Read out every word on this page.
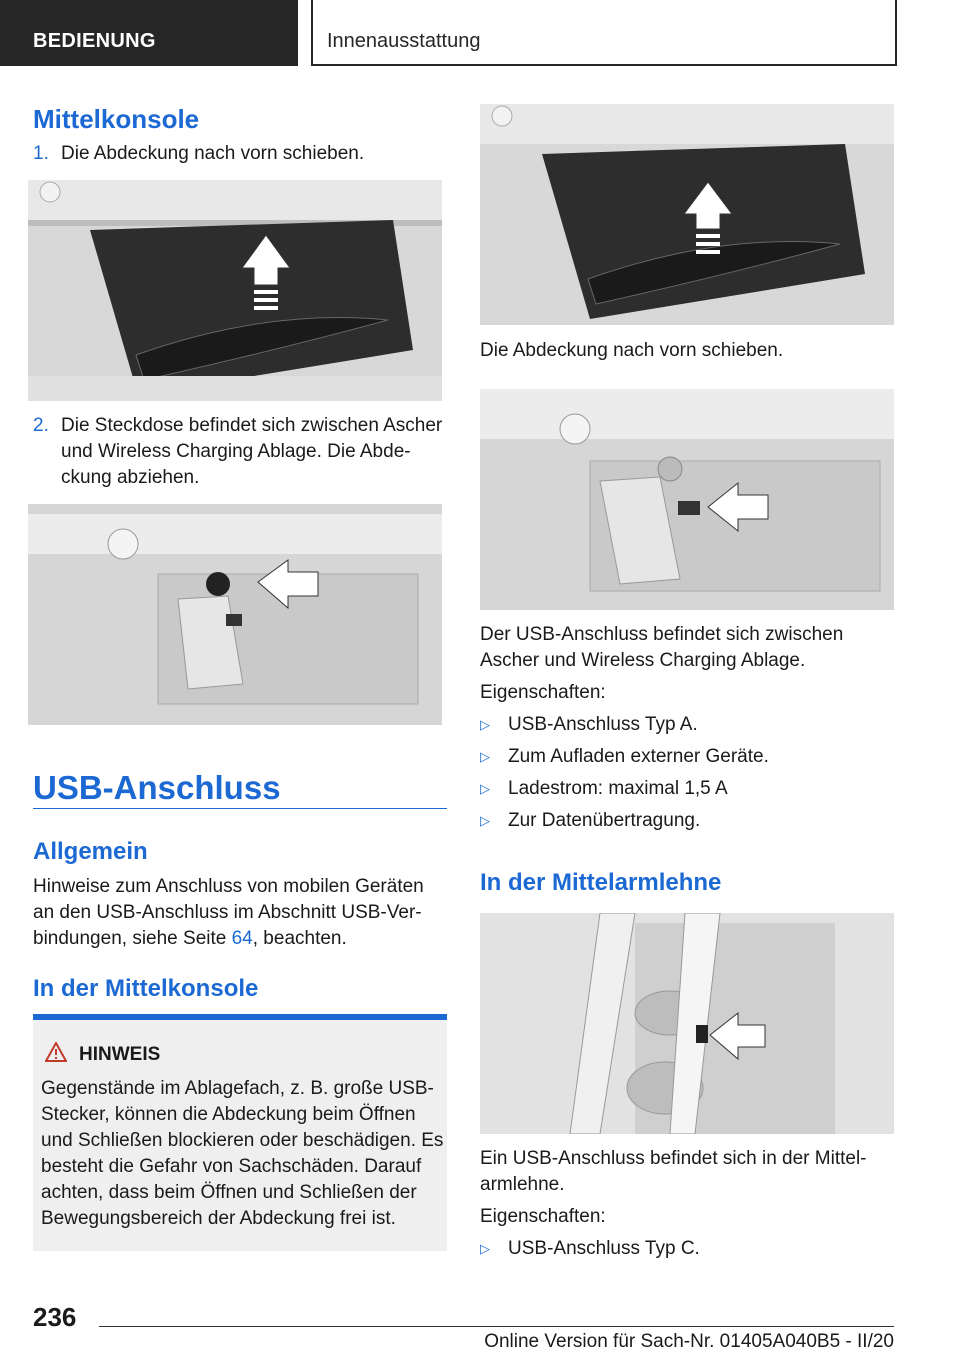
BEDIENUNG	Innenausstattung
Mittelkonsole
1. Die Abdeckung nach vorn schieben.

2. Die Steckdose befindet sich zwischen Ascher und Wireless Charging Ablage. Die Abdeckung abziehen.

USB-Anschluss
Allgemein

Hinweise zum Anschluss von mobilen Geräten an den USB-Anschluss im Abschnitt USB-Verbindungen, siehe Seite 64, beachten.

In der Mittelkonsole
HINWEIS

Gegenstände im Ablagefach, z. B. große USB-Stecker, können die Abdeckung beim Öffnen und Schließen blockieren oder beschädigen. Es besteht die Gefahr von Sachschäden. Darauf achten, dass beim Öffnen und Schließen der Bewegungsbereich der Abdeckung frei ist.

Die Abdeckung nach vorn schieben.

Der USB-Anschluss befindet sich zwischen Ascher und Wireless Charging Ablage.

Eigenschaften:

▷ USB-Anschluss Typ A.
▷ Zum Aufladen externer Geräte.
▷ Ladestrom: maximal 1,5 A
▷ Zur Datenübertragung.
In der Mittelarmlehne

Ein USB-Anschluss befindet sich in der Mittelarmlehne.

Eigenschaften:

▷ USB-Anschluss Typ C.
236
Online Version für Sach-Nr. 01405A040B5 - II/20
